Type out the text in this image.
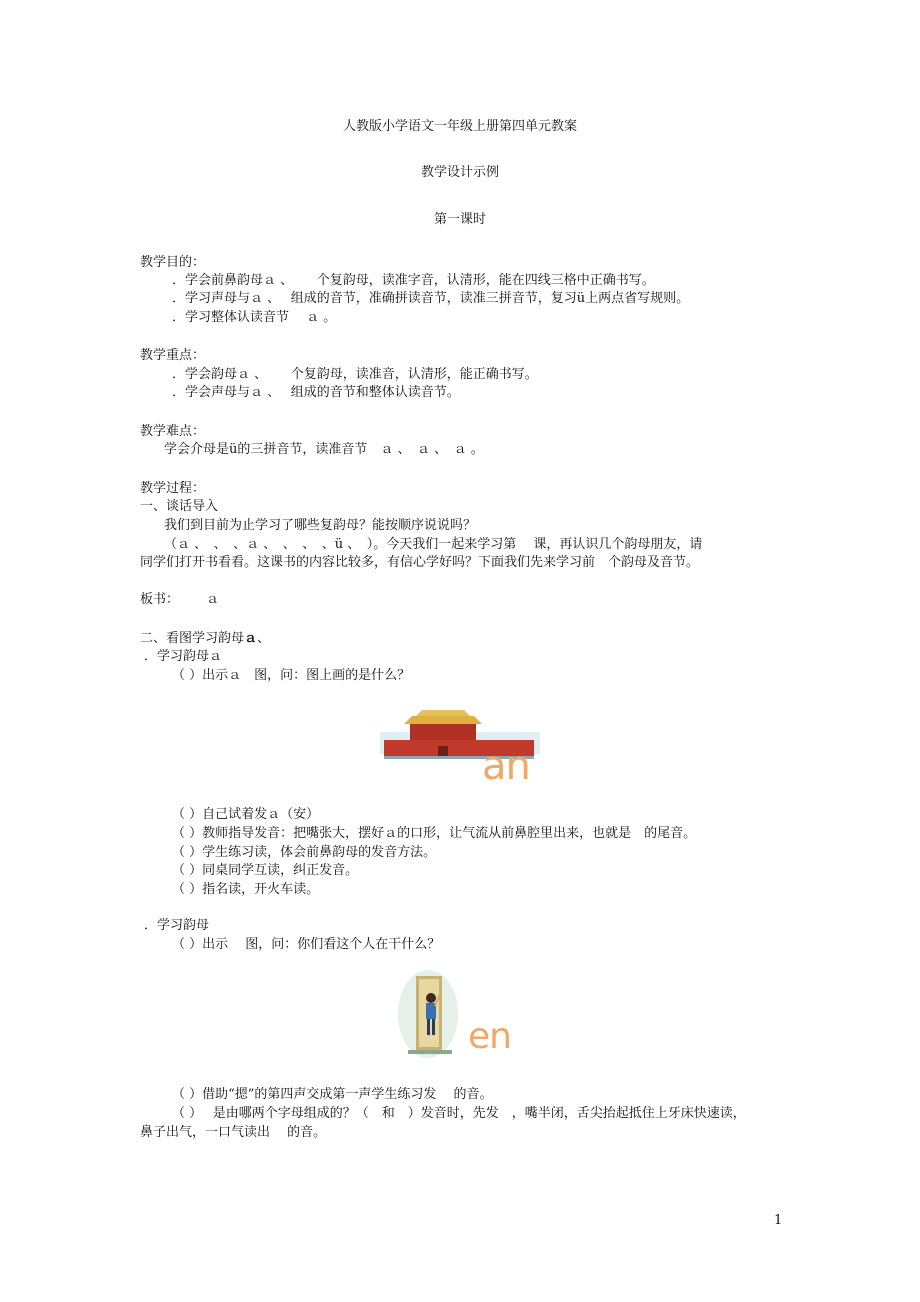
人教版小学语文一年级上册第四单元教案
教学设计示例
第一课时
教学目的：
．学会前鼻韵母ａ 、　　 个复韵母，读准字音，认清形，能在四线三格中正确书写。
．学习声母与ａ 、　 组成的音节，准确拼读音节，读准三拼音节，复习ü上两点省写规则。
．学习整体认读音节　 ａ 。
教学重点：
．学会韵母ａ 、　　 个复韵母，读准音，认清形，能正确书写。
．学会声母与ａ 、　 组成的音节和整体认读音节。
教学难点：
学会介母是ü的三拼音节，读准音节　ａ 、　ａ 、　ａ 。
教学过程：
一、谈话导入
我们到目前为止学习了哪些复韵母？能按顺序说说吗？
（ａ 、　、　、ａ 、　、　、　、ü 、　）。今天我们一起来学习第　 课，再认识几个韵母朋友，请
同学们打开书看看。这课书的内容比较多，有信心学好吗？下面我们先来学习前　个韵母及音节。
板书： ａ
二、看图学习韵母ａ、
．学习韵母ａ
（ ）出示ａ　图，问：图上画的是什么？
an
（ ）自己试着发ａ（安）
（ ）教师指导发音：把嘴张大，摆好ａ的口形，让气流从前鼻腔里出来，也就是　的尾音。
（ ）学生练习读，体会前鼻韵母的发音方法。
（ ）同桌同学互读，纠正发音。
（ ）指名读，开火车读。
．学习韵母
（ ）出示　 图，问：你们看这个人在干什么？
en
（ ）借助“摁”的第四声交成第一声学生练习发　 的音。
（ ）　 是由哪两个字母组成的？（　和　）发音时，先发　，嘴半闭，舌尖抬起抵住上牙床快速读，
鼻子出气，一口气读出　 的音。
1
